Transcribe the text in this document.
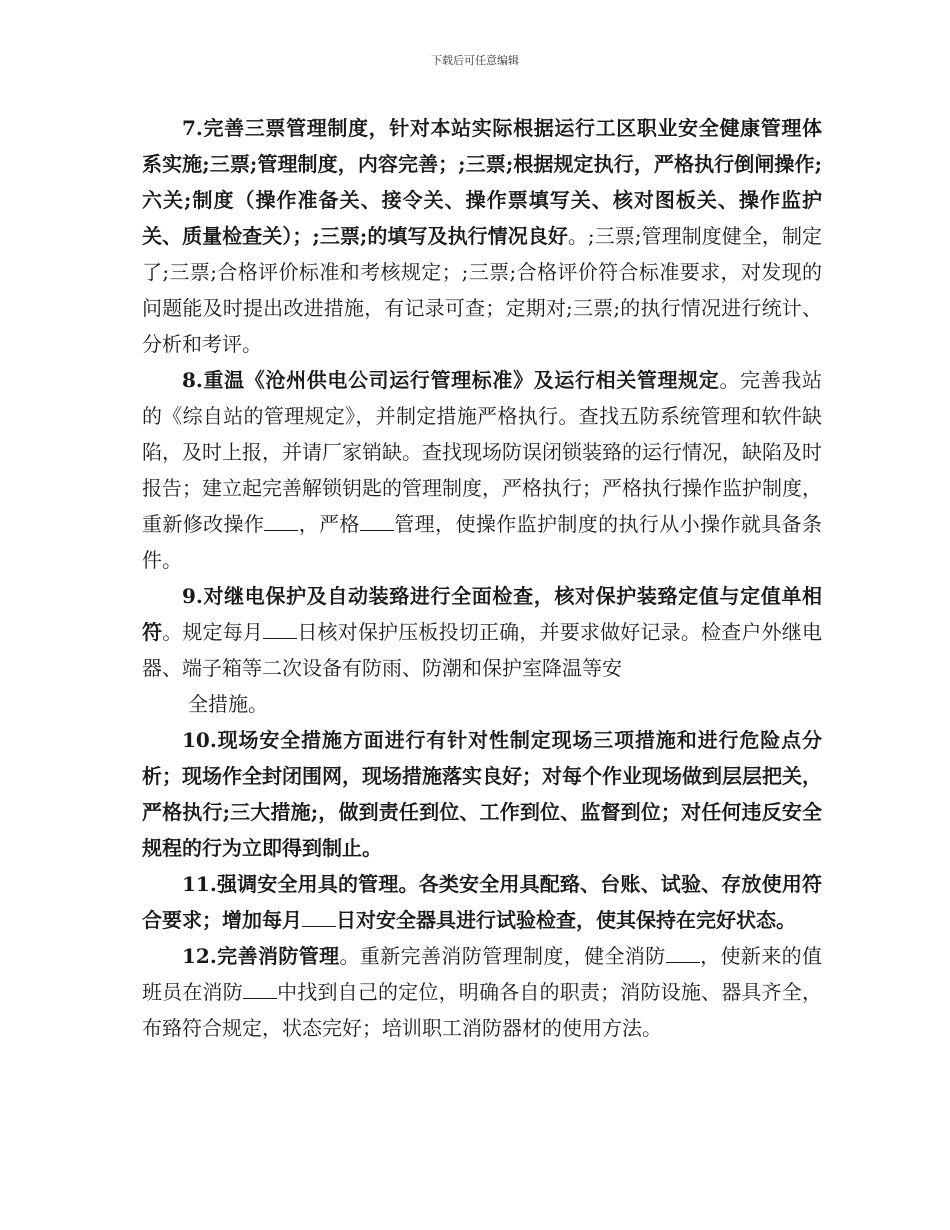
下载后可任意编辑

7.完善三票管理制度，针对本站实际根据运行工区职业安全健康管理体系实施;三票;管理制度，内容完善；;三票;根据规定执行，严格执行倒闸操作;六关;制度（操作准备关、接令关、操作票填写关、核对图板关、操作监护关、质量检查关）；;三票;的填写及执行情况良好。;三票;管理制度健全，制定了;三票;合格评价标准和考核规定；;三票;合格评价符合标准要求，对发现的问题能及时提出改进措施，有记录可查；定期对;三票;的执行情况进行统计、分析和考评。

8.重温《沧州供电公司运行管理标准》及运行相关管理规定。完善我站的《综自站的管理规定》，并制定措施严格执行。查找五防系统管理和软件缺陷，及时上报，并请厂家销缺。查找现场防误闭锁装臵的运行情况，缺陷及时报告；建立起完善解锁钥匙的管理制度，严格执行；严格执行操作监护制度，重新修改操作 ，严格 管理，使操作监护制度的执行从小操作就具备条件。

9.对继电保护及自动装臵进行全面检查，核对保护装臵定值与定值单相符。规定每月 日核对保护压板投切正确，并要求做好记录。检查户外继电器、端子箱等二次设备有防雨、防潮和保护室降温等安

全措施。

10.现场安全措施方面进行有针对性制定现场三项措施和进行危险点分析；现场作全封闭围网，现场措施落实良好；对每个作业现场做到层层把关，严格执行;三大措施;，做到责任到位、工作到位、监督到位；对任何违反安全规程的行为立即得到制止。

11.强调安全用具的管理。各类安全用具配臵、台账、试验、存放使用符合要求；增加每月 日对安全器具进行试验检查，使其保持在完好状态。

12.完善消防管理。重新完善消防管理制度，健全消防 ，使新来的值班员在消防 中找到自己的定位，明确各自的职责；消防设施、器具齐全，布臵符合规定，状态完好；培训职工消防器材的使用方法。
